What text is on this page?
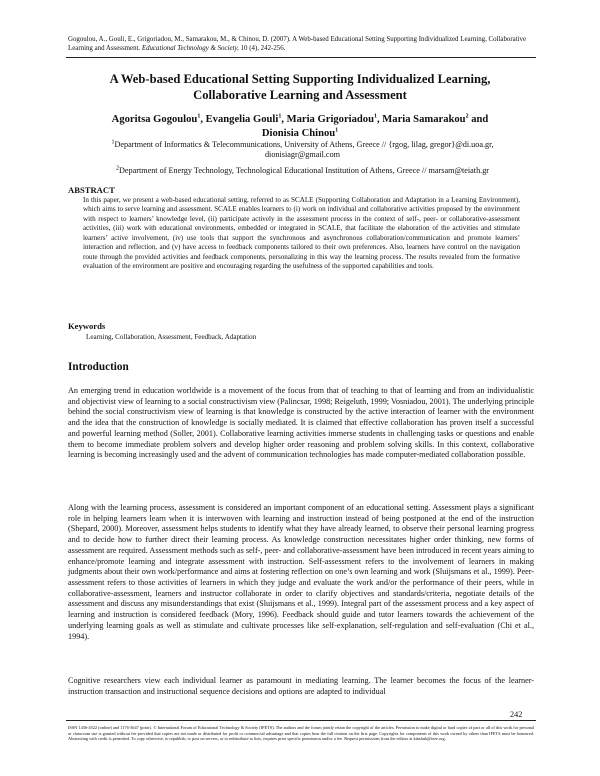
Gogoulou, A., Gouli, E., Grigoriadou, M., Samarakou, M., & Chinou, D. (2007). A Web-based Educational Setting Supporting Individualized Learning, Collaborative Learning and Assessment. Educational Technology & Society, 10 (4), 242-256.
A Web-based Educational Setting Supporting Individualized Learning,
Collaborative Learning and Assessment
Agoritsa Gogoulou$^1$, Evangelia Gouli$^1$, Maria Grigoriadou$^1$, Maria Samarakou$^2$ and
Dionisia Chinou$^1$
$^1$Department of Informatics & Telecommunications, University of Athens, Greece // {rgog, lilag, gregor}@di.uoa.gr,
dionisiagr@gmail.com
$^2$Department of Energy Technology, Technological Educational Institution of Athens, Greece // marsam@teiath.gr
ABSTRACT
In this paper, we present a web-based educational setting, referred to as SCALE (Supporting Collaboration and Adaptation in a Learning Environment), which aims to serve learning and assessment. SCALE enables learners to (i) work on individual and collaborative activities proposed by the environment with respect to learners’ knowledge level, (ii) participate actively in the assessment process in the context of self-, peer- or collaborative-assessment activities, (iii) work with educational environments, embedded or integrated in SCALE, that facilitate the elaboration of the activities and stimulate learners’ active involvement, (iv) use tools that support the synchronous and asynchronous collaboration/communication and promote learners’ interaction and reflection, and (v) have access to feedback components tailored to their own preferences. Also, learners have control on the navigation route through the provided activities and feedback components, personalizing in this way the learning process. The results revealed from the formative evaluation of the environment are positive and encouraging regarding the usefulness of the supported capabilities and tools.
Keywords
Learning, Collaboration, Assessment, Feedback, Adaptation
Introduction
An emerging trend in education worldwide is a movement of the focus from that of teaching to that of learning and from an individualistic and objectivist view of learning to a social constructivism view (Palincsar, 1998; Reigeluth, 1999; Vosniadou, 2001). The underlying principle behind the social constructivism view of learning is that knowledge is constructed by the active interaction of learner with the environment and the idea that the construction of knowledge is socially mediated. It is claimed that effective collaboration has proven itself a successful and powerful learning method (Soller, 2001). Collaborative learning activities immerse students in challenging tasks or questions and enable them to become immediate problem solvers and develop higher order reasoning and problem solving skills. In this context, collaborative learning is becoming increasingly used and the advent of communication technologies has made computer-mediated collaboration possible.
Along with the learning process, assessment is considered an important component of an educational setting. Assessment plays a significant role in helping learners learn when it is interwoven with learning and instruction instead of being postponed at the end of the instruction (Shepard, 2000). Moreover, assessment helps students to identify what they have already learned, to observe their personal learning progress and to decide how to further direct their learning process. As knowledge construction necessitates higher order thinking, new forms of assessment are required. Assessment methods such as self-, peer- and collaborative-assessment have been introduced in recent years aiming to enhance/promote learning and integrate assessment with instruction. Self-assessment refers to the involvement of learners in making judgments about their own work/performance and aims at fostering reflection on one’s own learning and work (Sluijsmans et al., 1999). Peer-assessment refers to those activities of learners in which they judge and evaluate the work and/or the performance of their peers, while in collaborative-assessment, learners and instructor collaborate in order to clarify objectives and standards/criteria, negotiate details of the assessment and discuss any misunderstandings that exist (Sluijsmans et al., 1999). Integral part of the assessment process and a key aspect of learning and instruction is considered feedback (Mory, 1996). Feedback should guide and tutor learners towards the achievement of the underlying learning goals as well as stimulate and cultivate processes like self-explanation, self-regulation and self-evaluation (Chi et al., 1994).
Cognitive researchers view each individual learner as paramount in mediating learning. The learner becomes the focus of the learner-instruction transaction and instructional sequence decisions and options are adapted to individual
242
ISSN 1436-4522 (online) and 1176-3647 (print). © International Forum of Educational Technology & Society (IFETS). The authors and the forum jointly retain the copyright of the articles. Permission to make digital or hard copies of part or all of this work for personal or classroom use is granted without fee provided that copies are not made or distributed for profit or commercial advantage and that copies bear the full citation on the first page. Copyrights for components of this work owned by others than IFETS must be honoured. Abstracting with credit is permitted. To copy otherwise, to republish, to post on servers, or to redistribute to lists, requires prior specific permission and/or a fee. Request permissions from the editors at kinshuk@ieee.org.
